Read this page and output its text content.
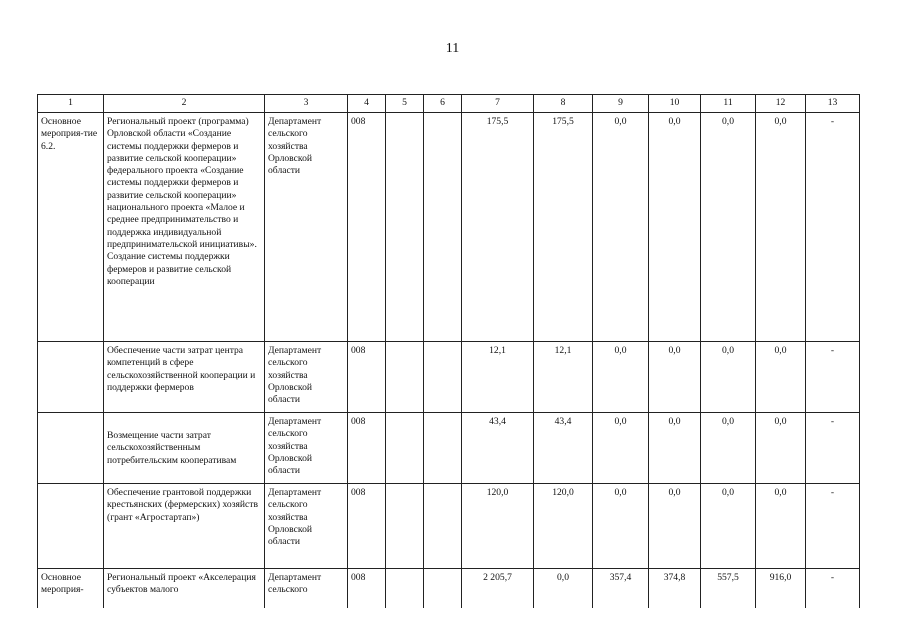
11
1	2	3	4	5	6	7	8	9	10	11	12	13
Основное мероприя-тие 6.2.	Региональный проект (программа) Орловской области «Создание системы поддержки фермеров и развитие сельской кооперации» федерального проекта «Создание системы поддержки фермеров и развитие сельской кооперации» национального проекта «Малое и среднее предпринимательство и поддержка индивидуальной предпринимательской инициативы». Создание системы поддержки фермеров и развитие сельской кооперации	Департамент сельского хозяйства Орловской области	008			175,5	175,5	0,0	0,0	0,0	0,0	-
	Обеспечение части затрат центра компетенций в сфере сельскохозяйственной кооперации и поддержки фермеров	Департамент сельского хозяйства Орловской области	008			12,1	12,1	0,0	0,0	0,0	0,0	-
	Возмещение части затрат сельскохозяйственным потребительским кооперативам	Департамент сельского хозяйства Орловской области	008			43,4	43,4	0,0	0,0	0,0	0,0	-
	Обеспечение грантовой поддержки крестьянских (фермерских) хозяйств (грант «Агростартап»)	Департамент сельского хозяйства Орловской области	008			120,0	120,0	0,0	0,0	0,0	0,0	-
Основное мероприя-	Региональный проект «Акселерация субъектов малого	Департамент сельского	008			2 205,7	0,0	357,4	374,8	557,5	916,0	-
